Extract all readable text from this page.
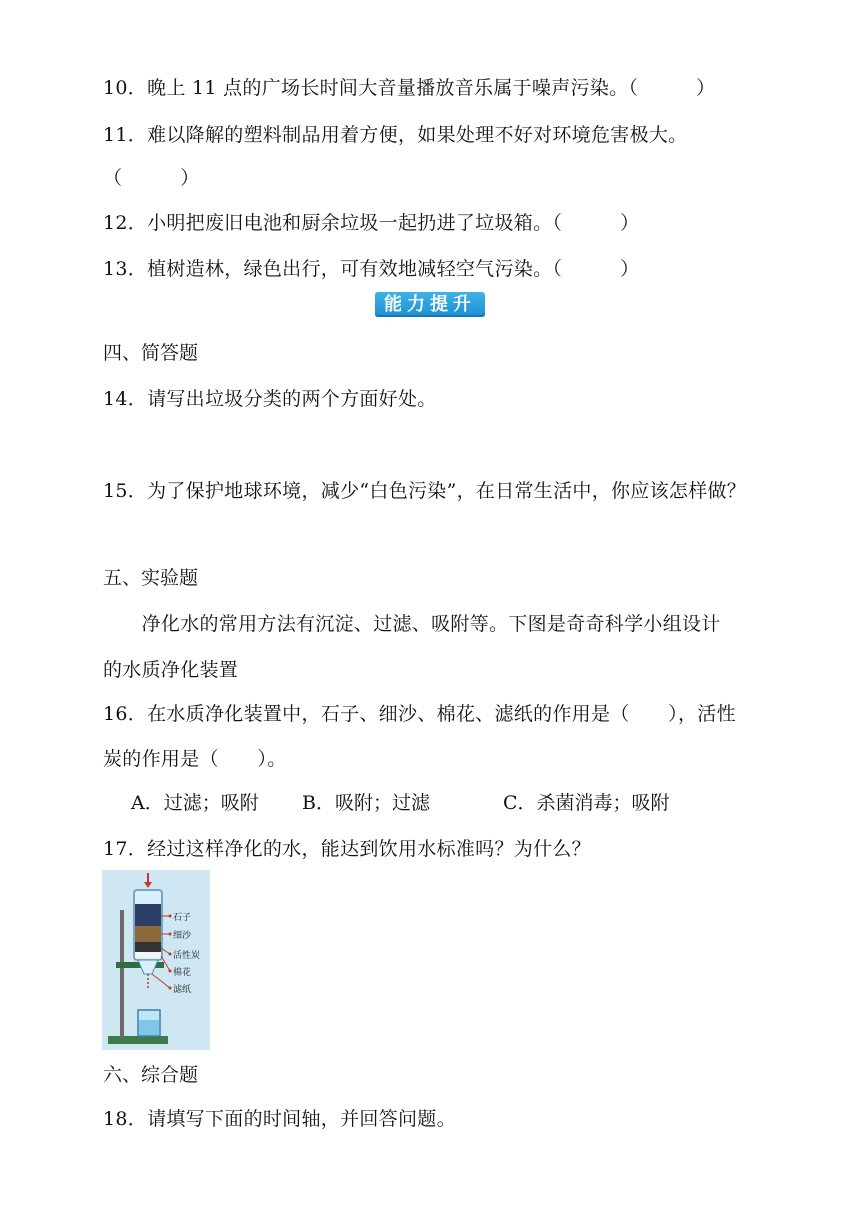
10．晚上 11 点的广场长时间大音量播放音乐属于噪声污染。（　　　）
11．难以降解的塑料制品用着方便，如果处理不好对环境危害极大。
（　　　）
12．小明把废旧电池和厨余垃圾一起扔进了垃圾箱。（　　　）
13．植树造林，绿色出行，可有效地减轻空气污染。（　　　）
能力提升
四、简答题
14．请写出垃圾分类的两个方面好处。
15．为了保护地球环境，减少“白色污染”，在日常生活中，你应该怎样做？
五、实验题
　　净化水的常用方法有沉淀、过滤、吸附等。下图是奇奇科学小组设计
的水质净化装置
16．在水质净化装置中，石子、细沙、棉花、滤纸的作用是（　　），活性
炭的作用是（　　）。
A．过滤；吸附 B．吸附；过滤	C．杀菌消毒；吸附
17．经过这样净化的水，能达到饮用水标准吗？为什么？
石子
细沙
活性炭
棉花
滤纸
六、综合题
18．请填写下面的时间轴，并回答问题。
